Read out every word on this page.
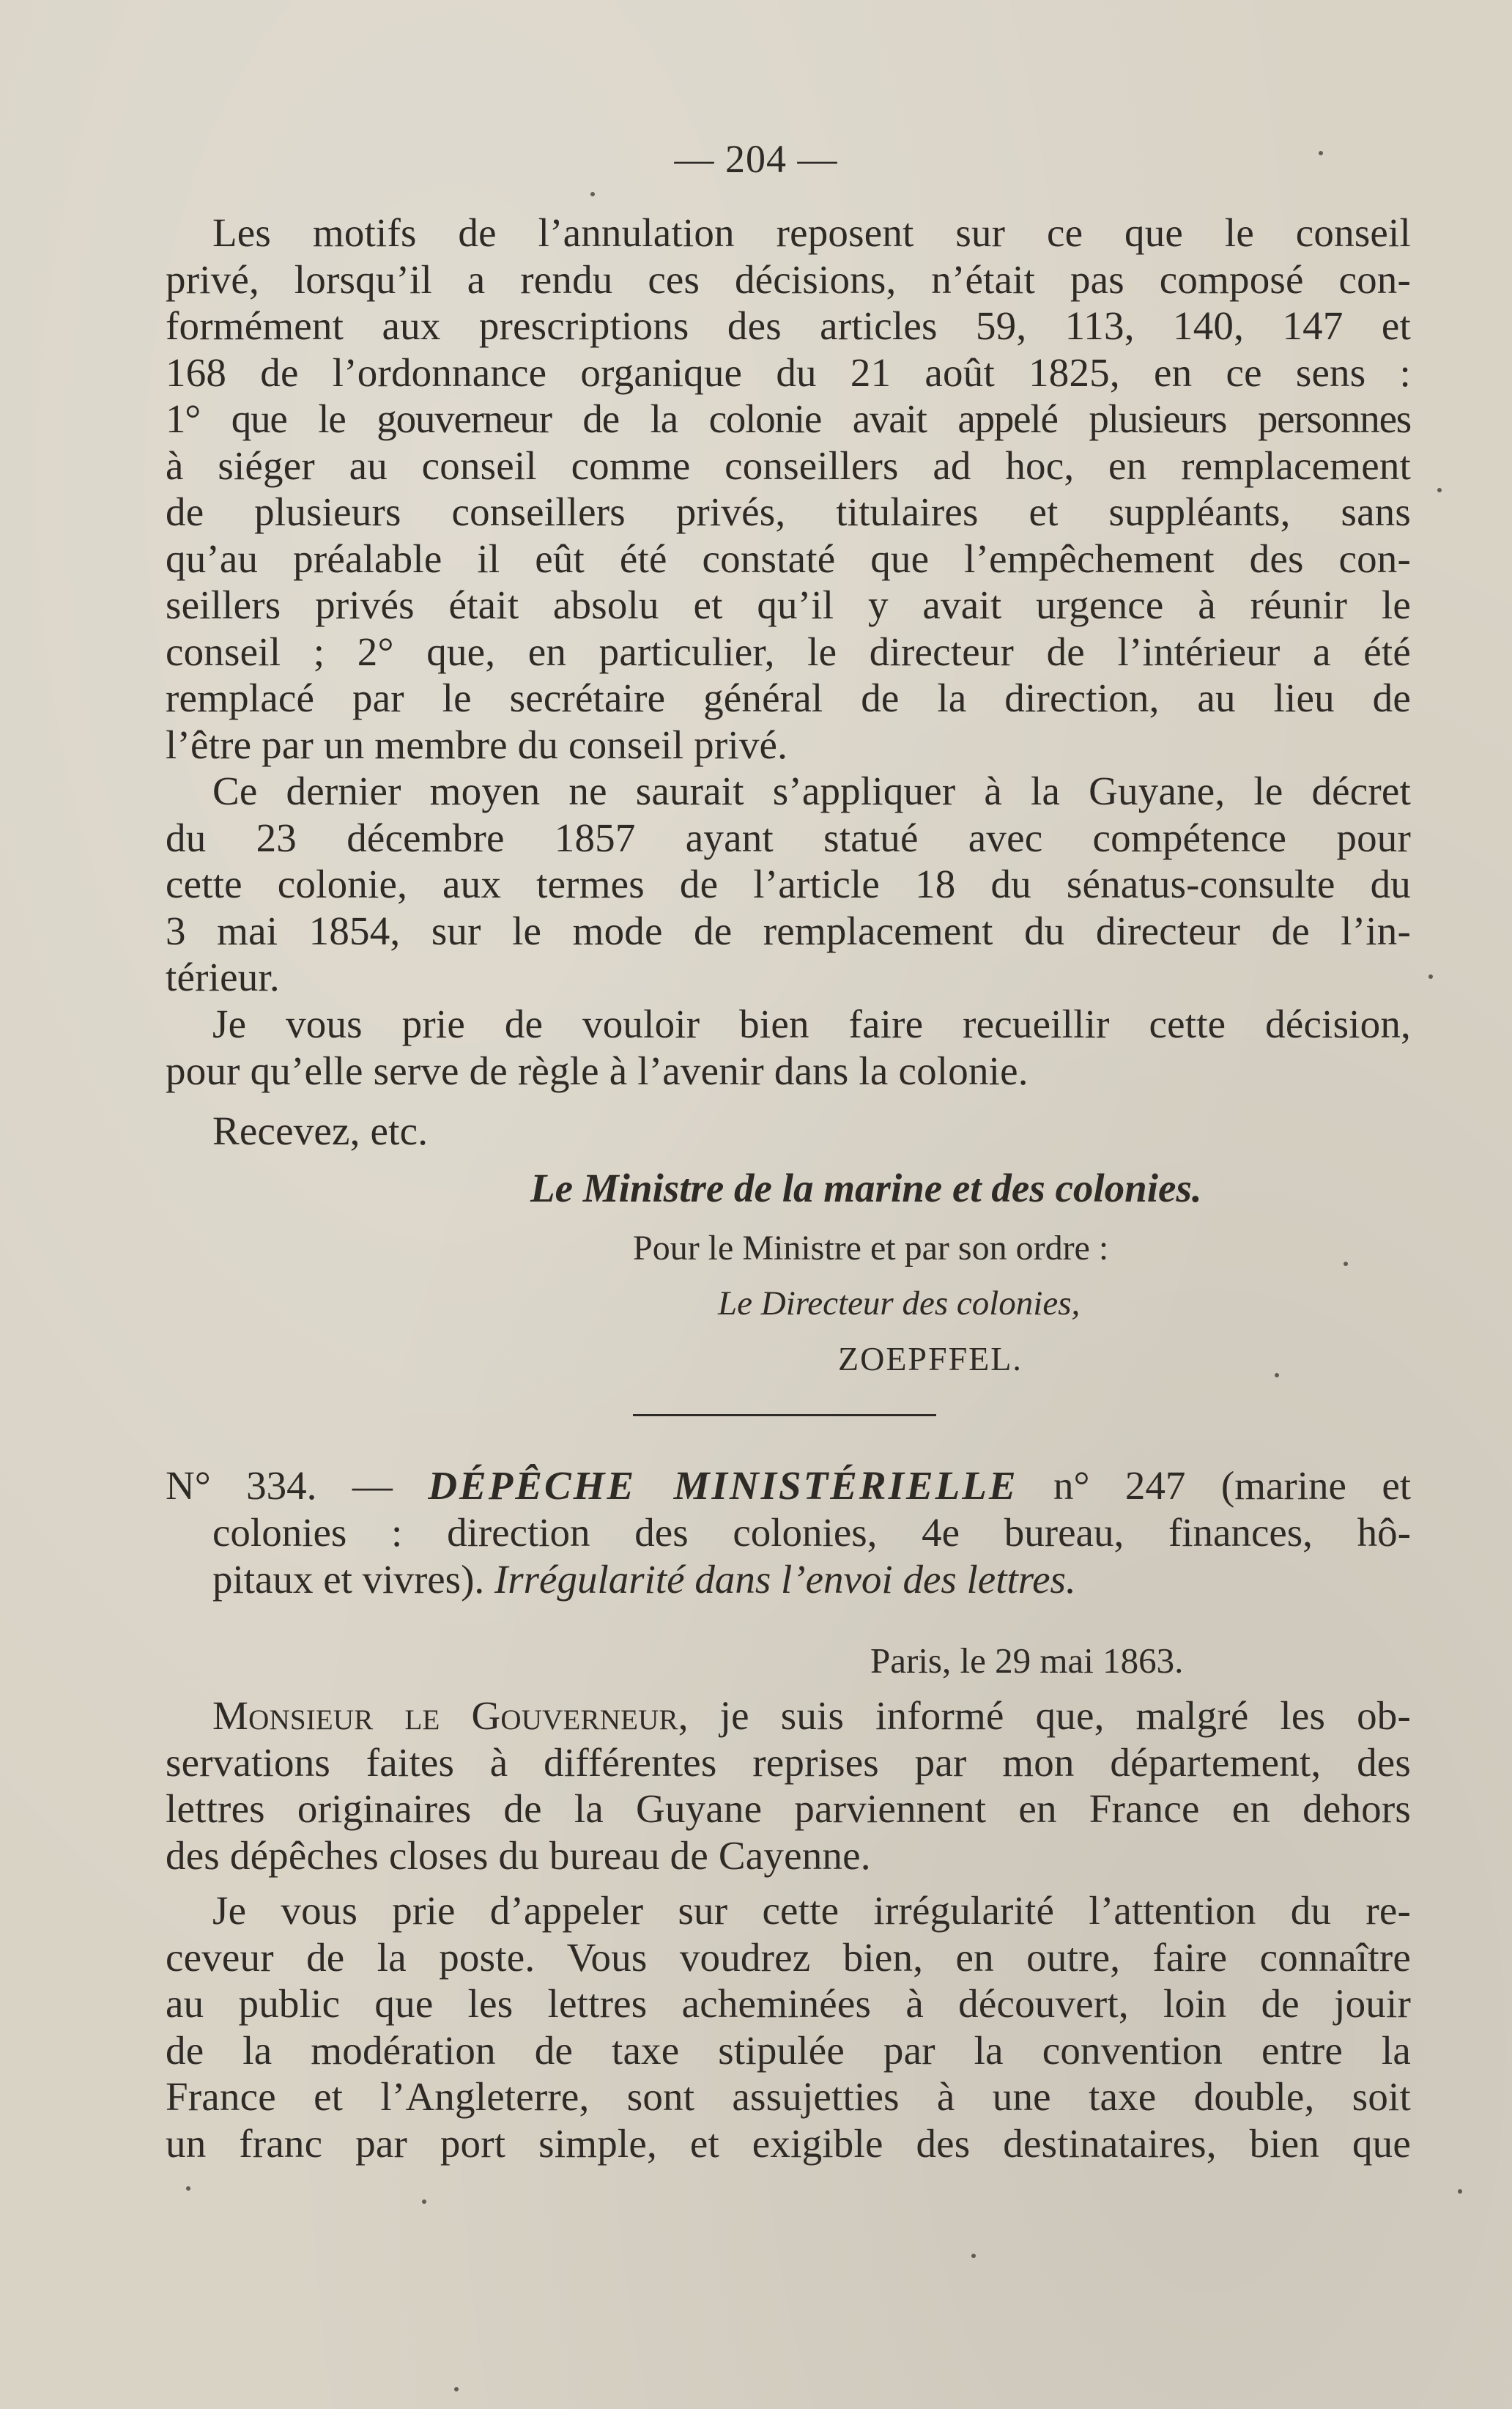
— 204 —
Les motifs de l’annulation reposent sur ce que le conseil
privé, lorsqu’il a rendu ces décisions, n’était pas composé con-
formément aux prescriptions des articles 59, 113, 140, 147 et
168 de l’ordonnance organique du 21 août 1825, en ce sens :
1° que le gouverneur de la colonie avait appelé plusieurs personnes
à siéger au conseil comme conseillers ad hoc, en remplacement
de plusieurs conseillers privés, titulaires et suppléants, sans
qu’au préalable il eût été constaté que l’empêchement des con-
seillers privés était absolu et qu’il y avait urgence à réunir le
conseil ; 2° que, en particulier, le directeur de l’intérieur a été
remplacé par le secrétaire général de la direction, au lieu de
l’être par un membre du conseil privé.
Ce dernier moyen ne saurait s’appliquer à la Guyane, le décret
du 23 décembre 1857 ayant statué avec compétence pour
cette colonie, aux termes de l’article 18 du sénatus-consulte du
3 mai 1854, sur le mode de remplacement du directeur de l’in-
térieur.
Je vous prie de vouloir bien faire recueillir cette décision,
pour qu’elle serve de règle à l’avenir dans la colonie.
Recevez, etc.
Le Ministre de la marine et des colonies.
Pour le Ministre et par son ordre :
Le Directeur des colonies,
ZOEPFFEL.
N° 334. — DÉPÊCHE MINISTÉRIELLE n° 247 (marine et
colonies : direction des colonies, 4e bureau, finances, hô-
pitaux et vivres). Irrégularité dans l’envoi des lettres.
Paris, le 29 mai 1863.
Monsieur le Gouverneur, je suis informé que, malgré les ob-
servations faites à différentes reprises par mon département, des
lettres originaires de la Guyane parviennent en France en dehors
des dépêches closes du bureau de Cayenne.
Je vous prie d’appeler sur cette irrégularité l’attention du re-
ceveur de la poste. Vous voudrez bien, en outre, faire connaître
au public que les lettres acheminées à découvert, loin de jouir
de la modération de taxe stipulée par la convention entre la
France et l’Angleterre, sont assujetties à une taxe double, soit
un franc par port simple, et exigible des destinataires, bien que
